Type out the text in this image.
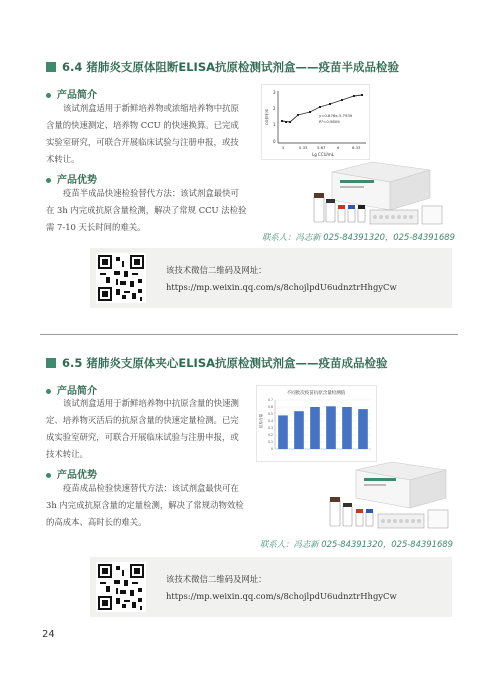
6.4 猪肺炎支原体阻断ELISA抗原检测试剂盒——疫苗半成品检验
产品简介
该试剂盒适用于新鲜培养物或浓缩培养物中抗原
含量的快速测定、培养物 CCU 的快速换算。已完成
实验室研究，可联合开展临床试验与注册申报，或技
术转让。
产品优势
疫苗半成品快速检验替代方法：该试剂盒最快可
在 3h 内完成抗原含量检测，解决了常规 CCU 法检验
需 7-10 天长时间的难关。
3
2
1
0
OD抑制率	y=0.876x-5.7939
R²=0.9809
5	5.33	5.67	6	6.33
Lg CCU/mL
联系人：冯志新 025-84391320，025-84391689
该技术微信二维码及网址：
https://mp.weixin.qq.com/s/8chojlpdU6udnztrHhgyCw
6.5 猪肺炎支原体夹心ELISA抗原检测试剂盒——疫苗成品检验
产品简介
该试剂盒适用于新鲜培养物中抗原含量的快速测
定、培养物灭活后的抗原含量的快速定量检测。已完
成实验室研究，可联合开展临床试验与注册申报，或
技术转让。
产品优势
疫苗成品检验快速替代方法：该试剂盒最快可在
3h 内完成抗原含量的定量检测，解决了常规动物效检
的高成本、高时长的难关。
不同批次疫苗抗原含量检测值
抗原含量
0.7
0.6
0.5
0.4
0.3
0.2
0.1
0
联系人：冯志新 025-84391320，025-84391689
该技术微信二维码及网址：
https://mp.weixin.qq.com/s/8chojlpdU6udnztrHhgyCw
24
